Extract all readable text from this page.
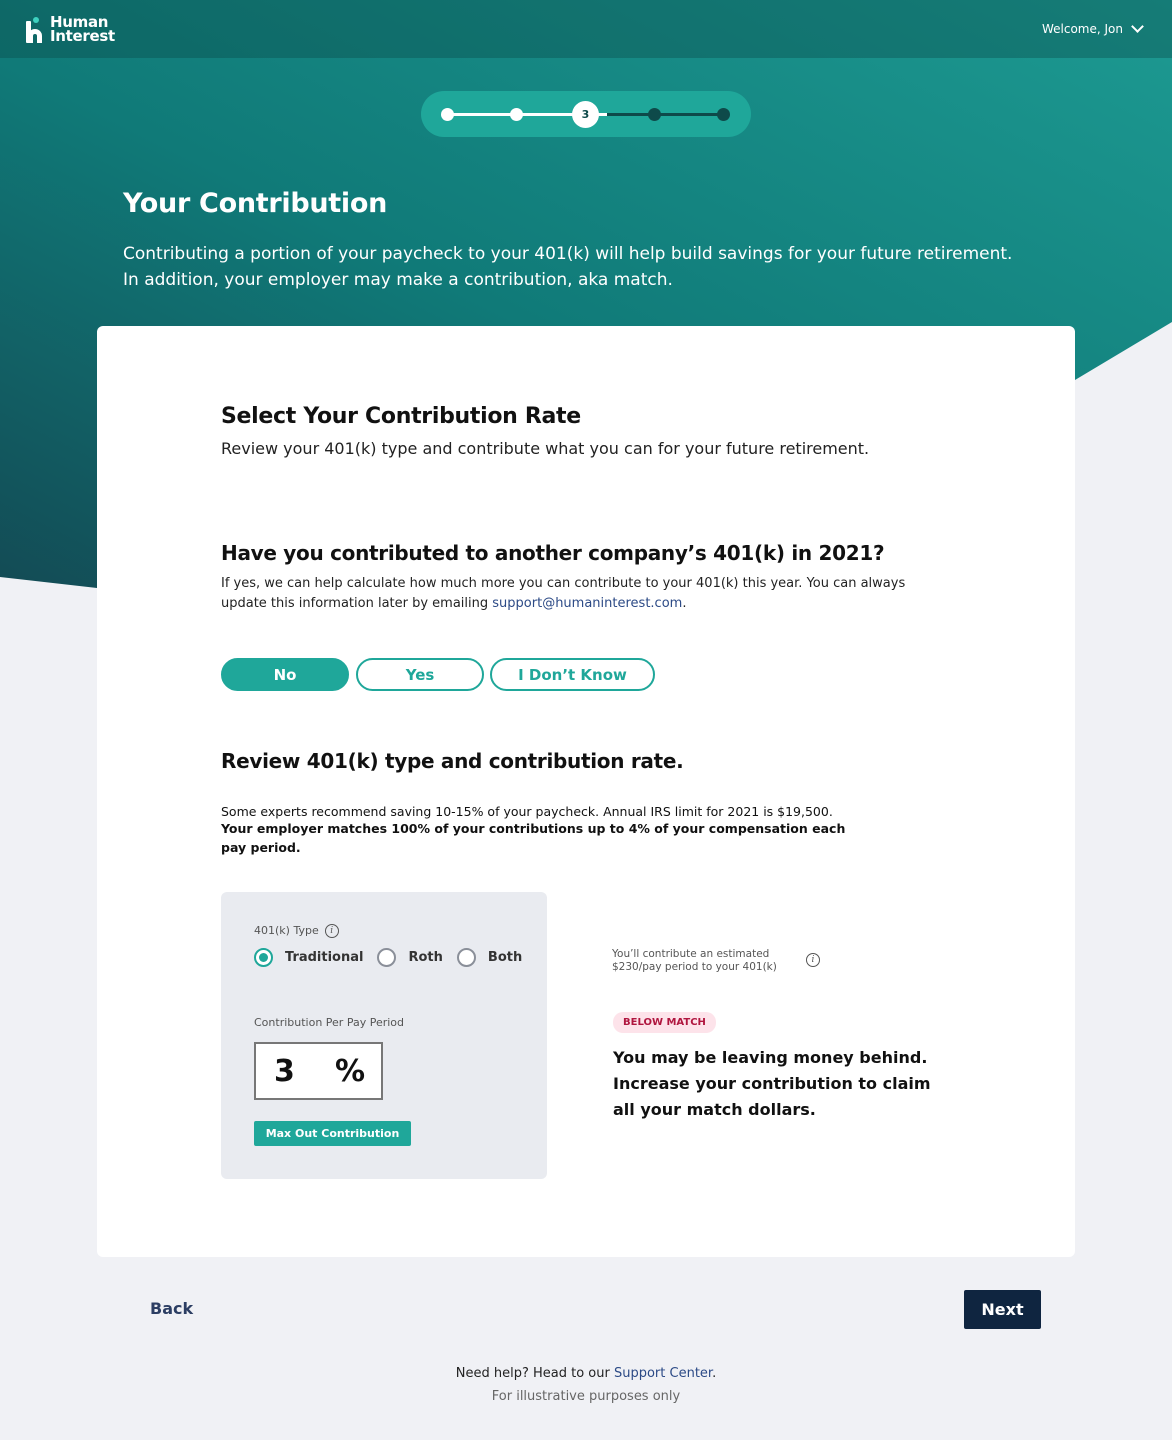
Human
Interest	Welcome, Jon
3
Your Contribution

Contributing a portion of your paycheck to your 401(k) will help build savings for your future retirement. In addition, your employer may make a contribution, aka match.

Select Your Contribution Rate

Review your 401(k) type and contribute what you can for your future retirement.

Have you contributed to another company’s 401(k) in 2021?

If yes, we can help calculate how much more you can contribute to your 401(k) this year. You can always update this information later by emailing support@humaninterest.com.

No	Yes	I Don’t Know
Review 401(k) type and contribution rate.

Some experts recommend saving 10-15% of your paycheck. Annual IRS limit for 2021 is $19,500.

Your employer matches 100% of your contributions up to 4% of your compensation each pay period.

401(k) Type i
Traditional	Roth	Both
Contribution Per Pay Period
3 %
Max Out Contribution
You’ll contribute an estimated
$230/pay period to your 401(k)
i
BELOW MATCH

You may be leaving money behind. Increase your contribution to claim all your match dollars.

Back	Next

Need help? Head to our Support Center.

For illustrative purposes only
